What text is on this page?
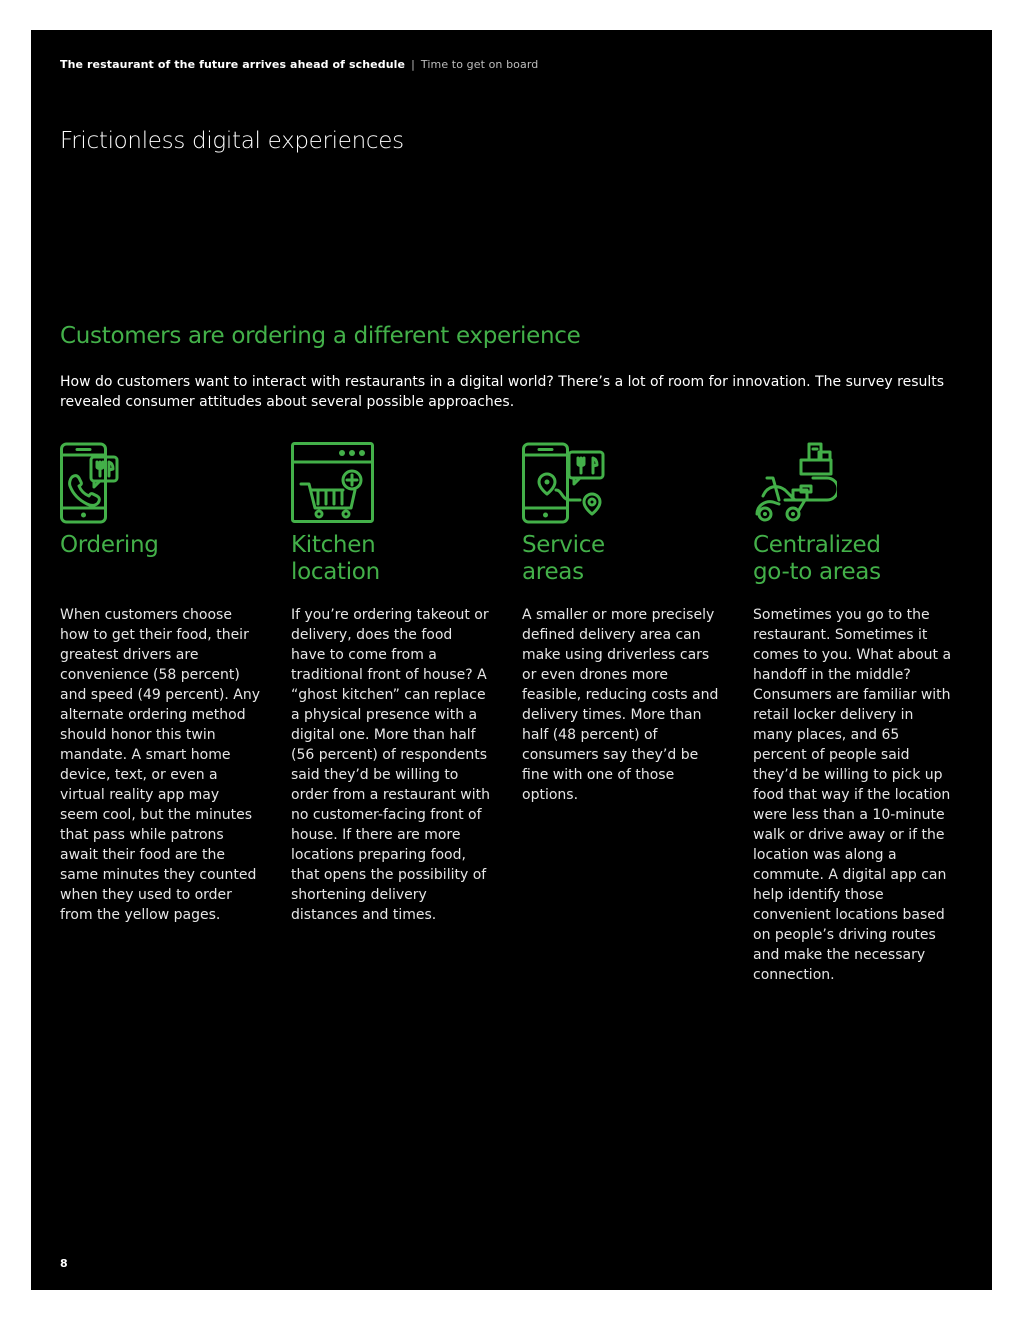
The restaurant of the future arrives ahead of schedule | Time to get on board
Frictionless digital experiences
Customers are ordering a different experience
How do customers want to interact with restaurants in a digital world? There’s a lot of room for innovation. The survey results revealed consumer attitudes about several possible approaches.
Ordering
When customers choose how to get their food, their greatest drivers are convenience (58 percent) and speed (49 percent). Any alternate ordering method should honor this twin mandate. A smart home device, text, or even a virtual reality app may seem cool, but the minutes that pass while patrons await their food are the same minutes they counted when they used to order from the yellow pages.
Kitchen
location
If you’re ordering takeout or delivery, does the food have to come from a traditional front of house? A “ghost kitchen” can replace a physical presence with a digital one. More than half (56 percent) of respondents said they’d be willing to order from a restaurant with no customer-facing front of house. If there are more locations preparing food, that opens the possibility of shortening delivery distances and times.
Service
areas
A smaller or more precisely defined delivery area can make using driverless cars or even drones more feasible, reducing costs and delivery times. More than half (48 percent) of consumers say they’d be fine with one of those options.
Centralized
go-to areas
Sometimes you go to the restaurant. Sometimes it comes to you. What about a handoff in the middle? Consumers are familiar with retail locker delivery in many places, and 65 percent of people said they’d be willing to pick up food that way if the location were less than a 10-minute walk or drive away or if the location was along a commute. A digital app can help identify those convenient locations based on people’s driving routes and make the necessary connection.
8
